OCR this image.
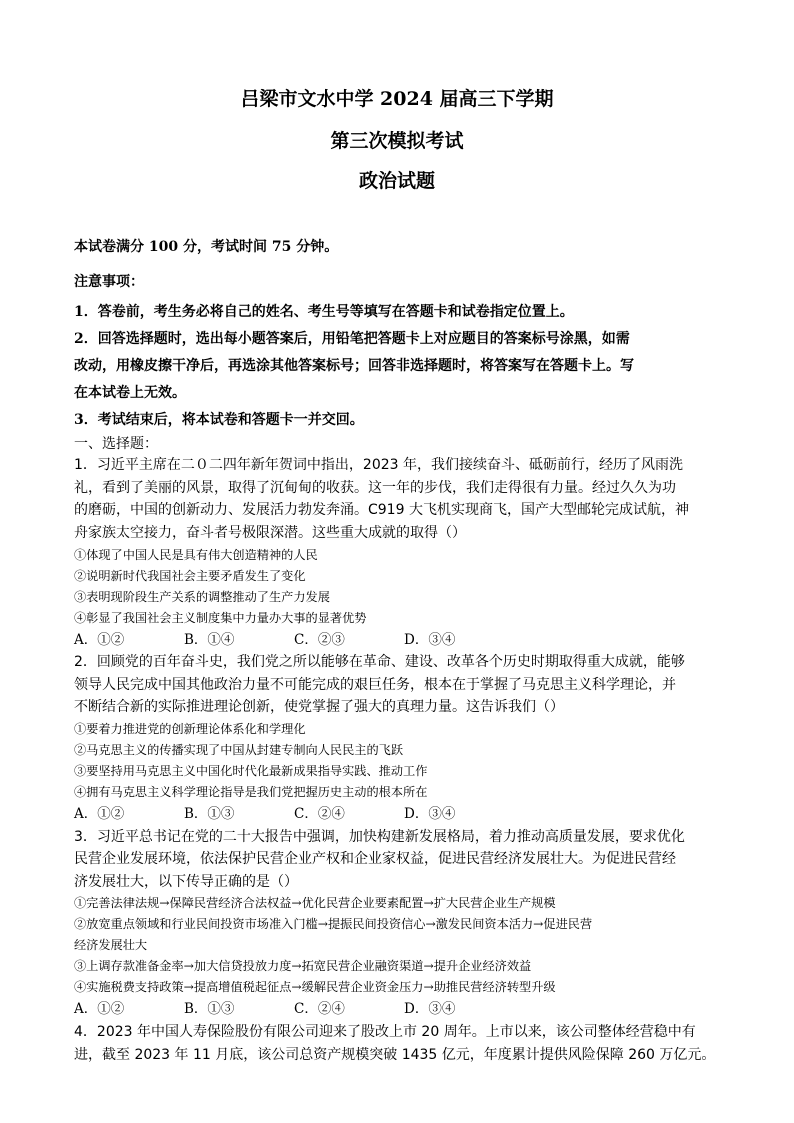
吕梁市文水中学 2024 届高三下学期
第三次模拟考试
政治试题
本试卷满分 100 分，考试时间 75 分钟。
注意事项：
1．答卷前，考生务必将自己的姓名、考生号等填写在答题卡和试卷指定位置上。
2．回答选择题时，选出每小题答案后，用铅笔把答题卡上对应题目的答案标号涂黑，如需
改动，用橡皮擦干净后，再选涂其他答案标号；回答非选择题时，将答案写在答题卡上。写
在本试卷上无效。
3．考试结束后，将本试卷和答题卡一并交回。
一、选择题：
1．习近平主席在二０二四年新年贺词中指出，2023 年，我们接续奋斗、砥砺前行，经历了风雨洗
礼，看到了美丽的风景，取得了沉甸甸的收获。这一年的步伐，我们走得很有力量。经过久久为功
的磨砺，中国的创新动力、发展活力勃发奔涌。C919 大飞机实现商飞，国产大型邮轮完成试航，神
舟家族太空接力，奋斗者号极限深潜。这些重大成就的取得（）
①体现了中国人民是具有伟大创造精神的人民
②说明新时代我国社会主要矛盾发生了变化
③表明现阶段生产关系的调整推动了生产力发展
④彰显了我国社会主义制度集中力量办大事的显著优势
A．①②	B．①④	C．②③	D．③④
2．回顾党的百年奋斗史，我们党之所以能够在革命、建设、改革各个历史时期取得重大成就，能够
领导人民完成中国其他政治力量不可能完成的艰巨任务，根本在于掌握了马克思主义科学理论，并
不断结合新的实际推进理论创新，使党掌握了强大的真理力量。这告诉我们（）
①要着力推进党的创新理论体系化和学理化
②马克思主义的传播实现了中国从封建专制向人民民主的飞跃
③要坚持用马克思主义中国化时代化最新成果指导实践、推动工作
④拥有马克思主义科学理论指导是我们党把握历史主动的根本所在
A．①②	B．①③	C．②④	D．③④
3．习近平总书记在党的二十大报告中强调，加快构建新发展格局，着力推动高质量发展，要求优化
民营企业发展环境，依法保护民营企业产权和企业家权益，促进民营经济发展壮大。为促进民营经
济发展壮大，以下传导正确的是（）
①完善法律法规→保障民营经济合法权益→优化民营企业要素配置→扩大民营企业生产规模
②放宽重点领域和行业民间投资市场准入门槛→提振民间投资信心→激发民间资本活力→促进民营
经济发展壮大
③上调存款准备金率→加大信贷投放力度→拓宽民营企业融资渠道→提升企业经济效益
④实施税费支持政策→提高增值税起征点→缓解民营企业资金压力→助推民营经济转型升级
A．①②	B．①③	C．②④	D．③④
4．2023 年中国人寿保险股份有限公司迎来了股改上市 20 周年。上市以来，该公司整体经营稳中有
进，截至 2023 年 11 月底，该公司总资产规模突破 1435 亿元，年度累计提供风险保障 260 万亿元。
